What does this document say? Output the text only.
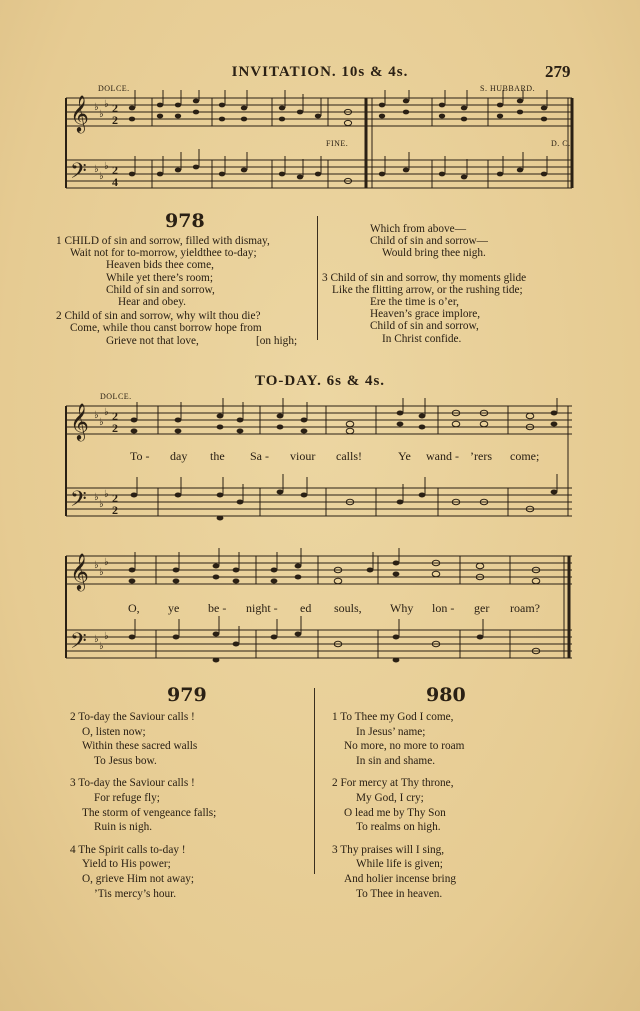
INVITATION. 10s & 4s.	279
DOLCE.	S. HUBBARD.
𝄞
𝄢
♭
♭
♭
♭
♭
♭
2
2
2
4
FINE.	D. C.
978
1 CHILD of sin and sorrow, filled with dismay,
Wait not for to-morrow, yieldthee to-day;
Heaven bids thee come,
While yet there’s room;
Child of sin and sorrow,
Hear and obey.
2 Child of sin and sorrow, why wilt thou die?
Come, while thou canst borrow hope from
Grieve not that love,	[on high;
Which from above—
Child of sin and sorrow—
Would bring thee nigh.
3 Child of sin and sorrow, thy moments glide
Like the flitting arrow, or the rushing tide;
Ere the time is o’er,
Heaven’s grace implore,
Child of sin and sorrow,
In Christ confide.
TO-DAY. 6s & 4s.
DOLCE.
𝄞
𝄢
♭
♭
♭
♭
♭
♭
2
2
2
2
To - day the Sa - viour calls!	Ye wand - ’rers come;
𝄞
𝄢
♭
♭
♭
♭
♭
♭
O, ye be - night - ed souls, Why lon - ger roam?
979	980
2 To-day the Saviour calls !
O, listen now;
Within these sacred walls
To Jesus bow.
3 To-day the Saviour calls !
For refuge fly;
The storm of vengeance falls;
Ruin is nigh.
4 The Spirit calls to-day !
Yield to His power;
O, grieve Him not away;
’Tis mercy’s hour.
1 To Thee my God I come,
In Jesus’ name;
No more, no more to roam
In sin and shame.
2 For mercy at Thy throne,
My God, I cry;
O lead me by Thy Son
To realms on high.
3 Thy praises will I sing,
While life is given;
And holier incense bring
To Thee in heaven.
